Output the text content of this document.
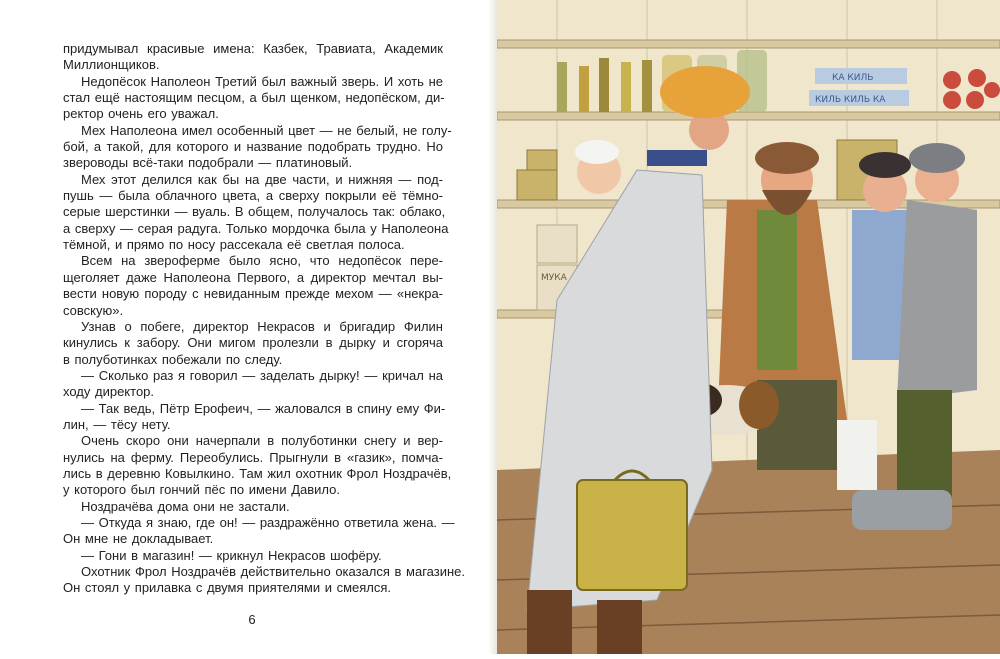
придумывал красивые имена: Казбек, Травиата, Академик
Миллионщиков.
Недопёсок Наполеон Третий был важный зверь. И хоть не
стал ещё настоящим песцом, а был щенком, недопёском, ди-
ректор очень его уважал.
Мех Наполеона имел особенный цвет — не белый, не голу-
бой, а такой, для которого и название подобрать трудно. Но
звероводы всё-таки подобрали — платиновый.
Мех этот делился как бы на две части, и нижняя — под-
пушь — была облачного цвета, а сверху покрыли её тёмно-
серые шерстинки — вуаль. В общем, получалось так: облако,
а сверху — серая радуга. Только мордочка была у Наполеона
тёмной, и прямо по носу рассекала её светлая полоса.
Всем на звероферме было ясно, что недопёсок пере-
щеголяет даже Наполеона Первого, а директор мечтал вы-
вести новую породу с невиданным прежде мехом — «некра-
совскую».
Узнав о побеге, директор Некрасов и бригадир Филин
кинулись к забору. Они мигом пролезли в дырку и сгоряча
в полуботинках побежали по следу.
— Сколько раз я говорил — заделать дырку! — кричал на
ходу директор.
— Так ведь, Пётр Ерофеич, — жаловался в спину ему Фи-
лин, — тёсу нету.
Очень скоро они начерпали в полуботинки снегу и вер-
нулись на ферму. Переобулись. Прыгнули в «газик», помча-
лись в деревню Ковылкино. Там жил охотник Фрол Ноздрачёв,
у которого был гончий пёс по имени Давило.
Ноздрачёва дома они не застали.
— Откуда я знаю, где он! — раздражённо ответила жена. —
Он мне не докладывает.
— Гони в магазин! — крикнул Некрасов шофёру.
Охотник Фрол Ноздрачёв действительно оказался в магазине.
Он стоял у прилавка с двумя приятелями и смеялся.
6
КА КИЛЬ
КИЛЬ КИЛЬ КА
МУКА
